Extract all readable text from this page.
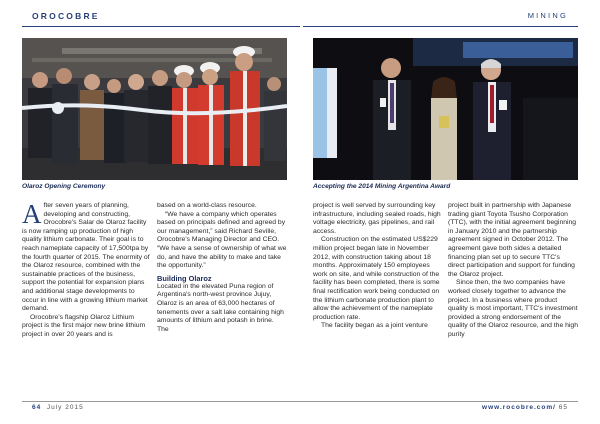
OROCOBRE	MINING
Olaroz Opening Ceremony	Accepting the 2014 Mining Argentina Award

After seven years of planning, developing and constructing, Orocobre's Salar de Olaroz facility is now ramping up production of high quality lithium carbonate. Their goal is to reach nameplate capacity of 17,500tpa by the fourth quarter of 2015. The enormity of the Olaroz resource, combined with the sustainable practices of the business, support the potential for expansion plans and additional stage developments to occur in line with a growing lithium market demand.

Orocobre's flagship Olaroz Lithium project is the first major new brine lithium project in over 20 years and is

based on a world-class resource.

“We have a company which operates based on principals defined and agreed by our management,” said Richard Seville, Orocobre's Managing Director and CEO. “We have a sense of ownership of what we do, and have the ability to make and take the opportunity.”

Building Olaroz

Located in the elevated Puna region of Argentina's north-west province Jujuy, Olaroz is an area of 63,000 hectares of tenements over a salt lake containing high amounts of lithium and potash in brine. The

project is well served by surrounding key infrastructure, including sealed roads, high voltage electricity, gas pipelines, and rail access.

Construction on the estimated US$229 million project began late in November 2012, with construction taking about 18 months. Approximately 150 employees work on site, and while construction of the facility has been completed, there is some final rectification work being conducted on the lithium carbonate production plant to allow the achievement of the nameplate production rate.

The facility began as a joint venture

project built in partnership with Japanese trading giant Toyota Tsusho Corporation (TTC), with the initial agreement beginning in January 2010 and the partnership agreement signed in October 2012. The agreement gave both sides a detailed financing plan set up to secure TTC's direct participation and support for funding the Olaroz project.

Since then, the two companies have worked closely together to advance the project. In a business where product quality is most important, TTC's investment provided a strong endorsement of the quality of the Olaroz resource, and the high purity

64 July 2015	www.rocobre.com/ 65
